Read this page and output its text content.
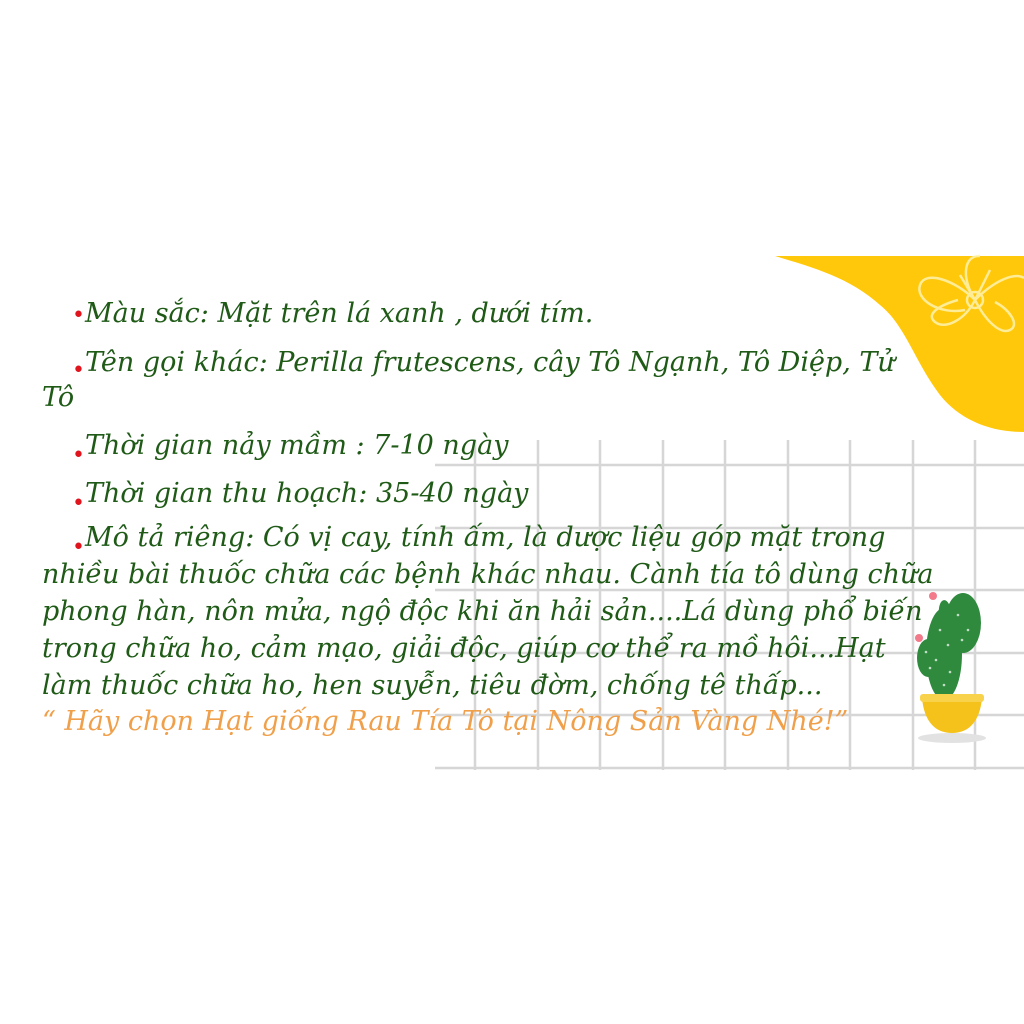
•Màu sắc: Mặt trên lá xanh , dưới tím.
$_•$Tên gọi khác: Perilla frutescens, cây Tô Ngạnh, Tô Diệp, Tử
Tô
$_•$Thời gian nảy mầm : 7-10 ngày
$_•$Thời gian thu hoạch: 35-40 ngày
$_•$Mô tả riêng: Có vị cay, tính ấm, là dược liệu góp mặt trong
nhiều bài thuốc chữa các bệnh khác nhau. Cành tía tô dùng chữa
phong hàn, nôn mửa, ngộ độc khi ăn hải sản....Lá dùng phổ biến
trong chữa ho, cảm mạo, giải độc, giúp cơ thể ra mồ hôi...Hạt
làm thuốc chữa ho, hen suyễn, tiêu đờm, chống tê thấp...
“ Hãy chọn Hạt giống Rau Tía Tô tại Nông Sản Vàng Nhé!”
